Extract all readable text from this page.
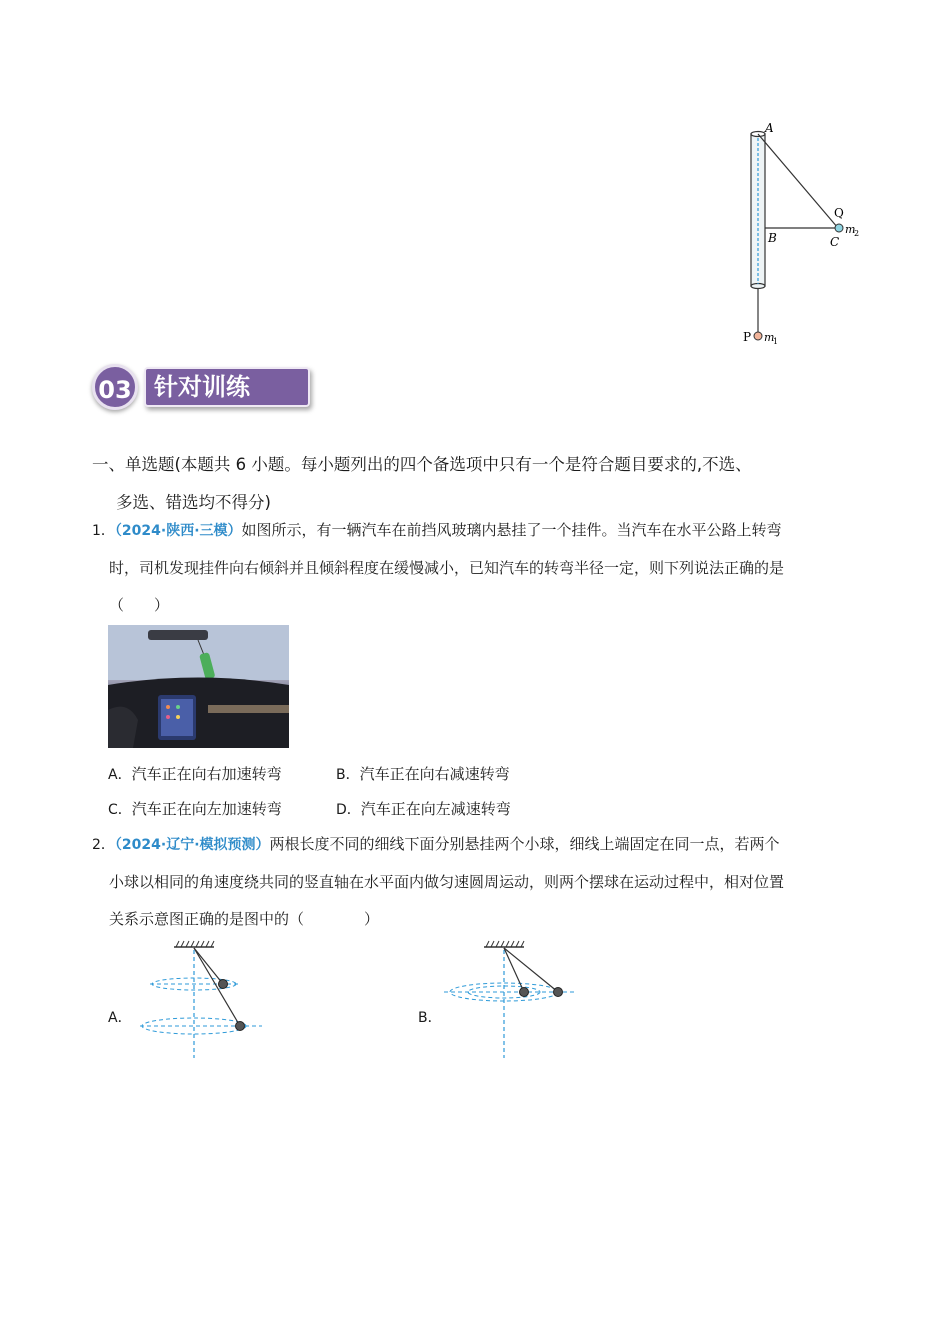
A
B	C
Q
m
2
P m
1
03 针对训练
一、单选题(本题共 6 小题。每小题列出的四个备选项中只有一个是符合题目要求的,不选、
多选、错选均不得分)
1．（2024·陕西·三模）如图所示，有一辆汽车在前挡风玻璃内悬挂了一个挂件。当汽车在水平公路上转弯
时，司机发现挂件向右倾斜并且倾斜程度在缓慢减小，已知汽车的转弯半径一定，则下列说法正确的是
（　　）
A．汽车正在向右加速转弯	B．汽车正在向右减速转弯
C．汽车正在向左加速转弯	D．汽车正在向左减速转弯
2．（2024·辽宁·模拟预测）两根长度不同的细线下面分别悬挂两个小球，细线上端固定在同一点，若两个
小球以相同的角速度绕共同的竖直轴在水平面内做匀速圆周运动，则两个摆球在运动过程中，相对位置
关系示意图正确的是图中的（　　　　）
A．	B．
